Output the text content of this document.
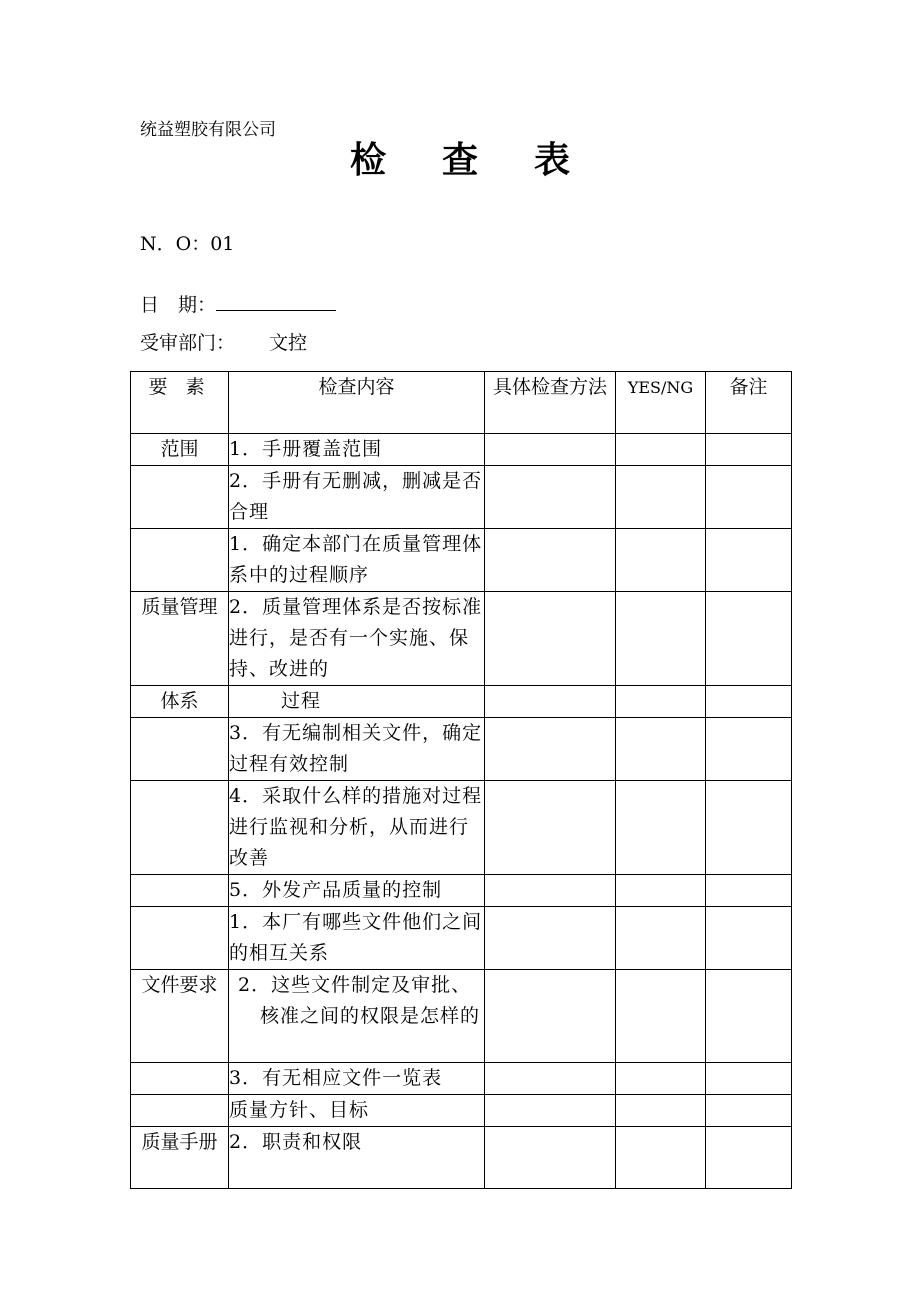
统益塑胶有限公司
检 查 表
N．O：01
日　期：
受审部门： 文控
要 素	检查内容	具体检查方法	YES/NG	备注
范围	1．手册覆盖范围			
	2．手册有无删减，删减是否合理			
	1．确定本部门在质量管理体系中的过程顺序			
质量管理	2．质量管理体系是否按标准进行，是否有一个实施、保持、改进的			
体系	过程			
	3．有无编制相关文件，确定过程有效控制			
	4．采取什么样的措施对过程进行监视和分析，从而进行改善			
	5．外发产品质量的控制			
	1．本厂有哪些文件他们之间的相互关系			
文件要求	2．这些文件制定及审批、核准之间的权限是怎样的			
	3．有无相应文件一览表			
	质量方针、目标			
质量手册	2．职责和权限			
